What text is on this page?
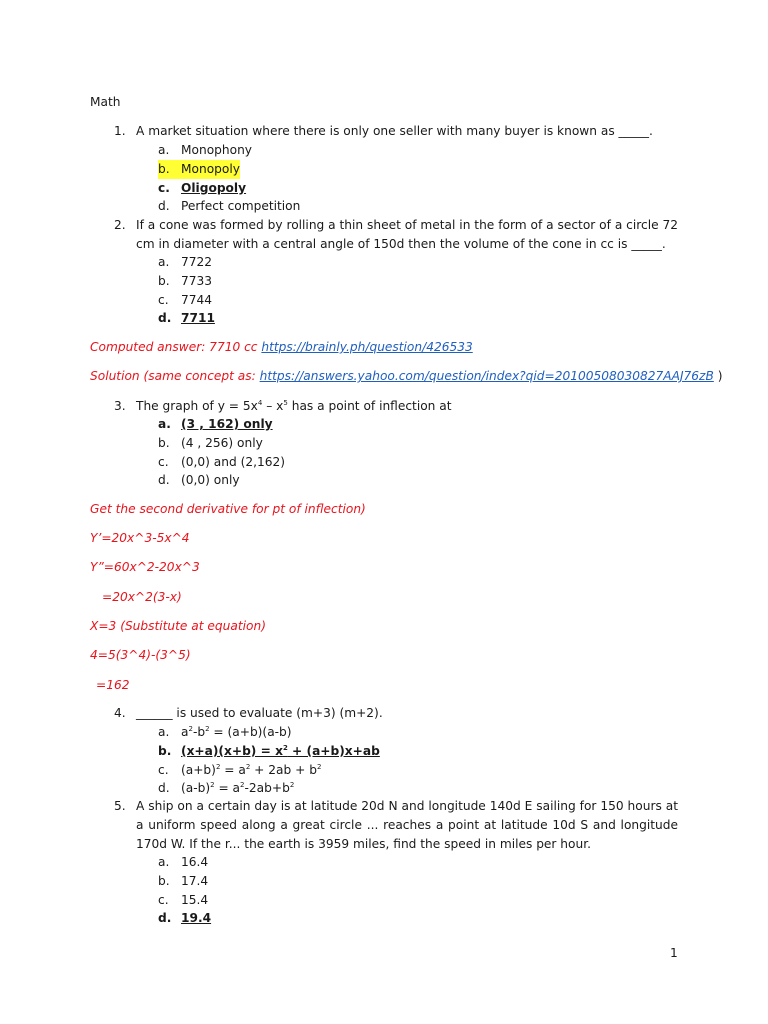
Math
1. A market situation where there is only one seller with many buyer is known as _____.
a. Monophony
b. Monopoly
c. Oligopoly
d. Perfect competition
2. If a cone was formed by rolling a thin sheet of metal in the form of a sector of a circle 72 cm in diameter with a central angle of 150d then the volume of the cone in cc is _____.
a. 7722
b. 7733
c.	7744
d. 7711
Computed answer: 7710 cc https://brainly.ph/question/426533
Solution (same concept as: https://answers.yahoo.com/question/index?qid=20100508030827AAJ76zB )
3. The graph of $y = 5x^4 - x^5$ has a point of inflection at
a. (3 , 162) only
b. (4 , 256) only
c.	(0,0) and (2,162)
d. (0,0) only
Get the second derivative for pt of inflection)
Y’=20x^3-5x^4
Y”=60x^2-20x^3
=20x^2(3-x)
X=3 (Substitute at equation)
4=5(3^4)-(3^5)
=162
4. ______ is used to evaluate (m+3) (m+2).
a. $a^2-b^2 = (a+b)(a-b)$
b. $(x+a)(x+b) = x^2 + (a+b)x+ab$
c.	$(a+b)^2 = a^2 + 2ab + b^2$
d. $(a-b)^2 = a^2-2ab+b^2$
5. A ship on a certain day is at latitude 20d N and longitude 140d E sailing for 150 hours at a uniform speed along a great circle ... reaches a point at latitude 10d S and longitude 170d W. If the r... the earth is 3959 miles, find the speed in miles per hour.
a. 16.4
b. 17.4
c.	15.4
d. 19.4
1
